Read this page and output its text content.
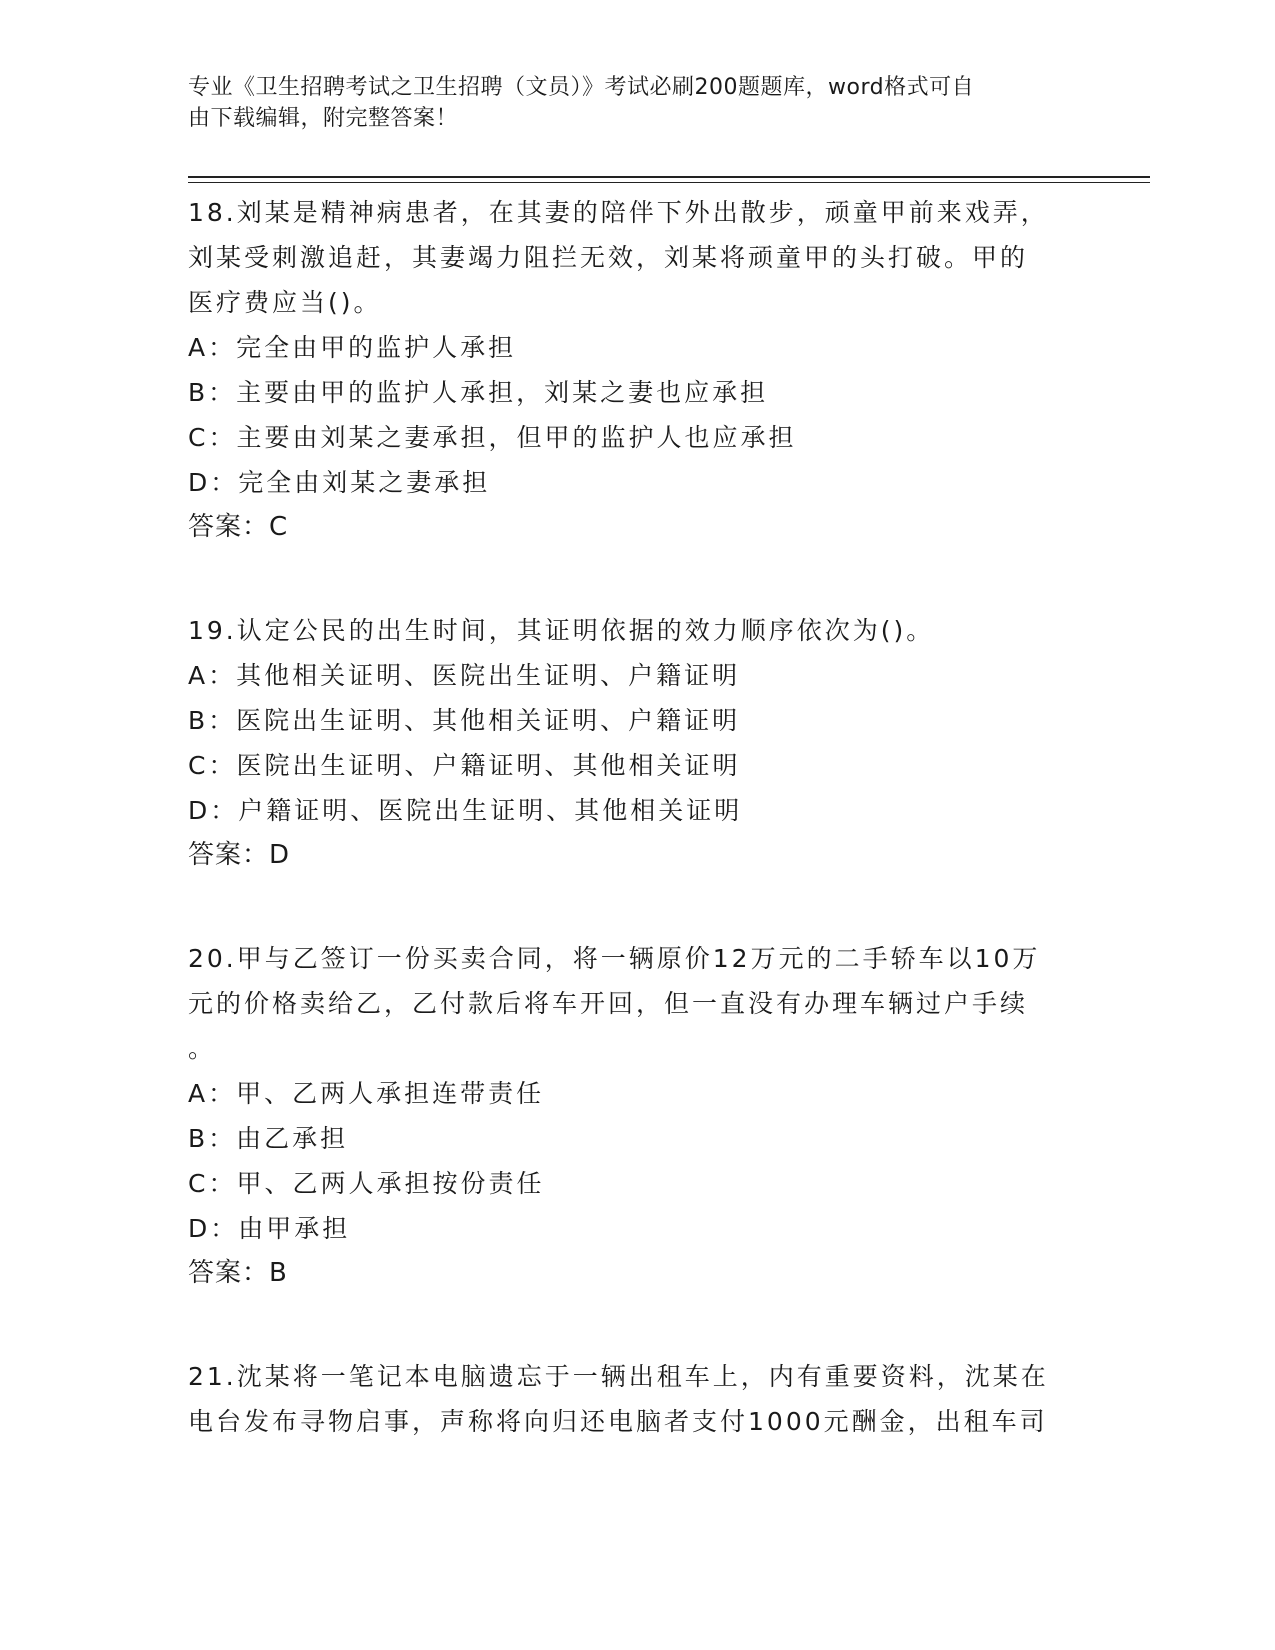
专业《卫生招聘考试之卫生招聘（文员）》考试必刷200题题库，word格式可自
由下载编辑，附完整答案！
18.刘某是精神病患者，在其妻的陪伴下外出散步，顽童甲前来戏弄，
刘某受刺激追赶，其妻竭力阻拦无效，刘某将顽童甲的头打破。甲的
医疗费应当()。
A：完全由甲的监护人承担
B：主要由甲的监护人承担，刘某之妻也应承担
C：主要由刘某之妻承担，但甲的监护人也应承担
D：完全由刘某之妻承担
答案：C
19.认定公民的出生时间，其证明依据的效力顺序依次为()。
A：其他相关证明、医院出生证明、户籍证明
B：医院出生证明、其他相关证明、户籍证明
C：医院出生证明、户籍证明、其他相关证明
D：户籍证明、医院出生证明、其他相关证明
答案：D
20.甲与乙签订一份买卖合同，将一辆原价12万元的二手轿车以10万
元的价格卖给乙，乙付款后将车开回，但一直没有办理车辆过户手续
。
A：甲、乙两人承担连带责任
B：由乙承担
C：甲、乙两人承担按份责任
D：由甲承担
答案：B
21.沈某将一笔记本电脑遗忘于一辆出租车上，内有重要资料，沈某在
电台发布寻物启事，声称将向归还电脑者支付1000元酬金，出租车司
